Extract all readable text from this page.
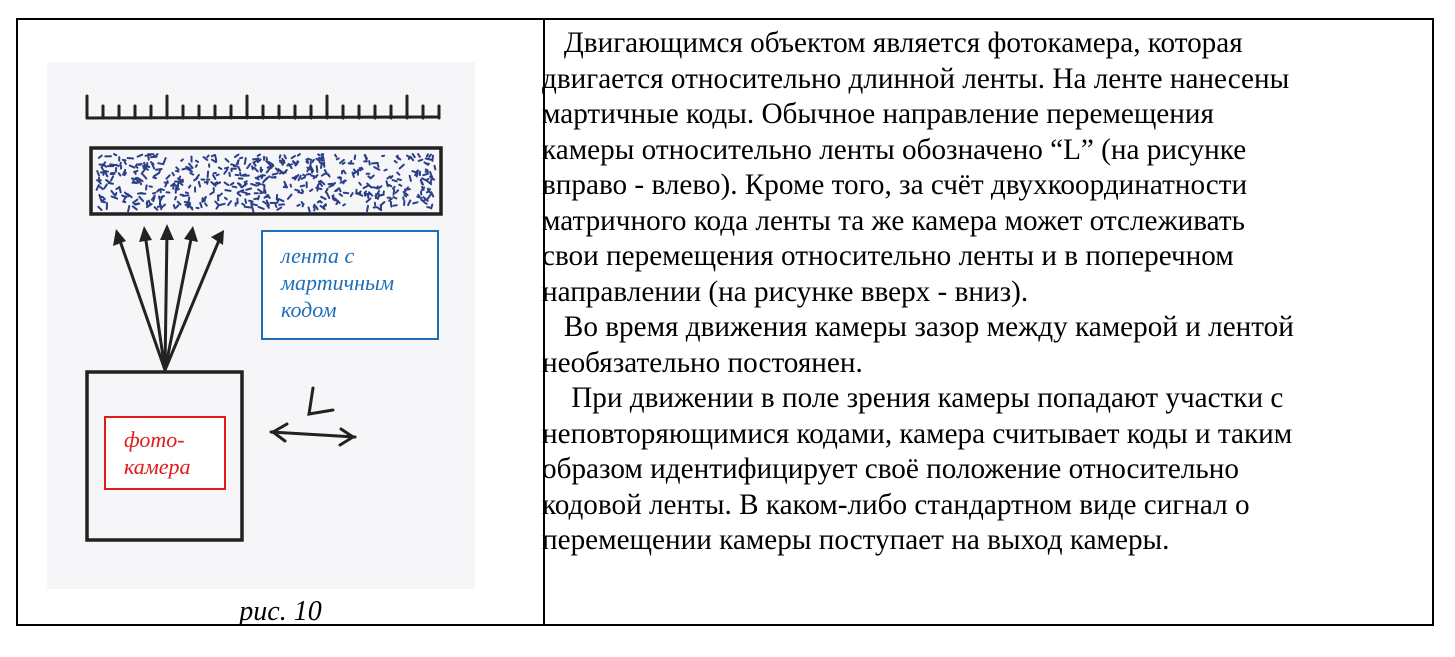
лента с
мартичным
кодом
фото-
камера
рис. 10
Двигающимся объектом является фотокамера, которая
двигается относительно длинной ленты. На ленте нанесены
мартичные коды. Обычное направление перемещения
камеры относительно ленты обозначено “L” (на рисунке
вправо - влево). Кроме того, за счёт двухкоординатности
матричного кода ленты та же камера может отслеживать
свои перемещения относительно ленты и в поперечном
направлении (на рисунке вверх - вниз).
Во время движения камеры зазор между камерой и лентой
необязательно постоянен.
При движении в поле зрения камеры попадают участки с
неповторяющимися кодами, камера считывает коды и таким
образом идентифицирует своё положение относительно
кодовой ленты. В каком-либо стандартном виде сигнал о
перемещении камеры поступает на выход камеры.
